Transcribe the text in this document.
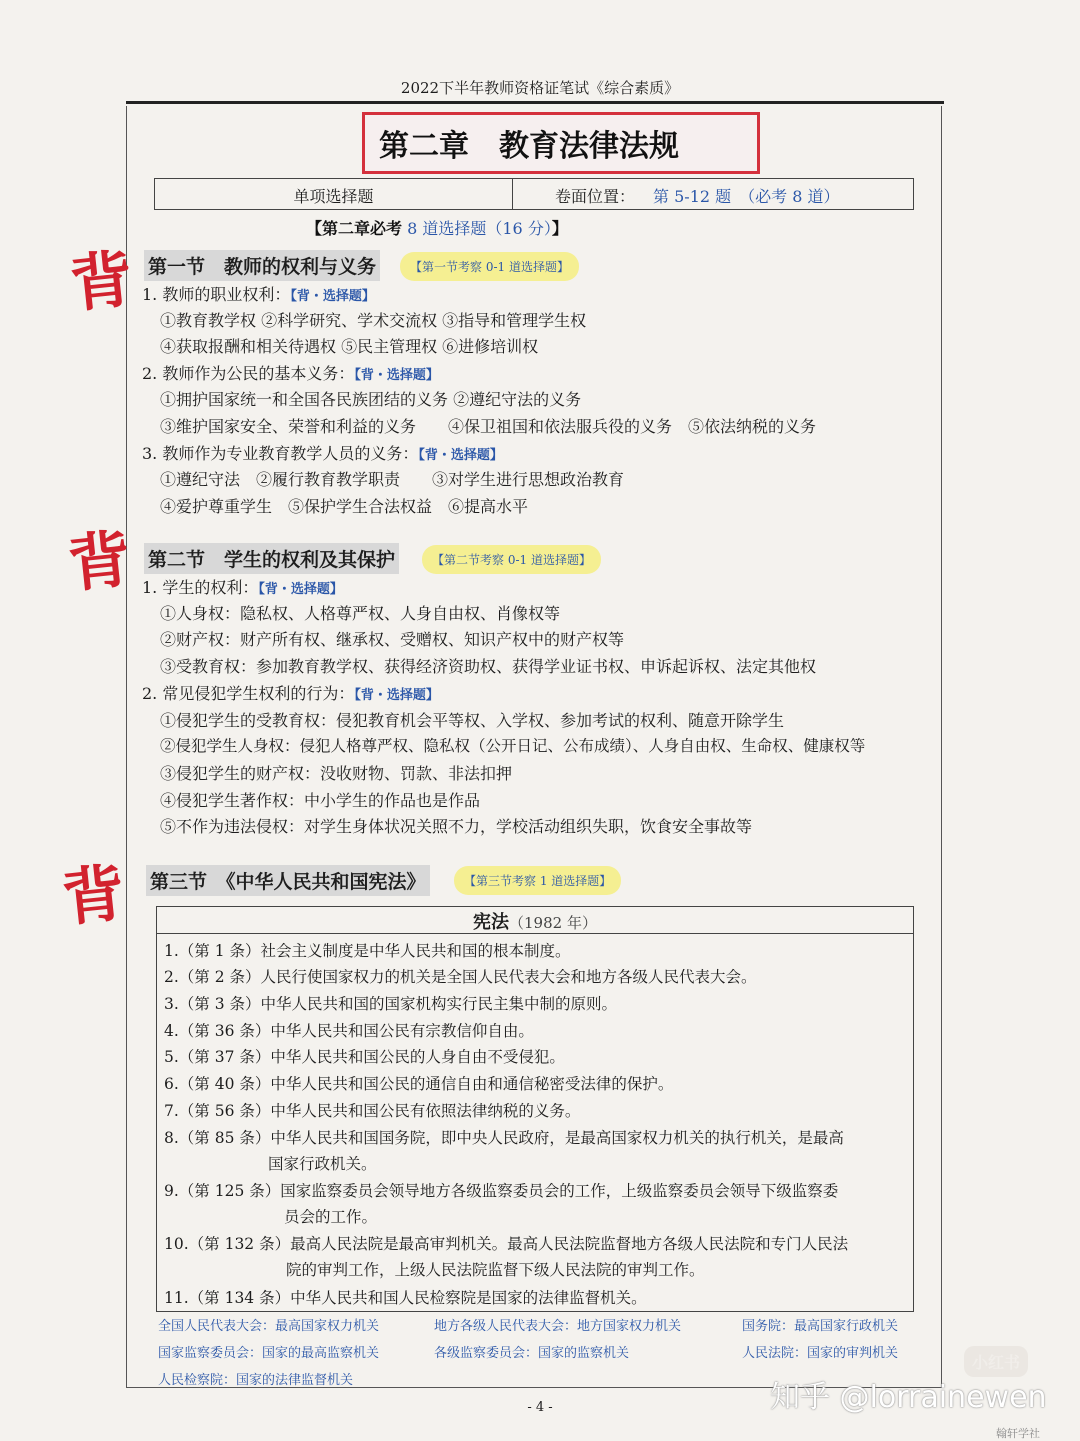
2022下半年教师资格证笔试《综合素质》
第二章　教育法律法规
单项选择题	卷面位置： 第 5-12 题　（必考 8 道）
【第二章必考 8 道选择题（16 分）】
背
背
背
第一节　教师的权利与义务	【第一节考察 0-1 道选择题】
1. 教师的职业权利：【背・选择题】
①教育教学权 ②科学研究、学术交流权 ③指导和管理学生权
④获取报酬和相关待遇权 ⑤民主管理权 ⑥进修培训权
2. 教师作为公民的基本义务：【背・选择题】
①拥护国家统一和全国各民族团结的义务 ②遵纪守法的义务
③维护国家安全、荣誉和利益的义务　　④保卫祖国和依法服兵役的义务　⑤依法纳税的义务
3. 教师作为专业教育教学人员的义务：【背・选择题】
①遵纪守法　②履行教育教学职责　　③对学生进行思想政治教育
④爱护尊重学生　⑤保护学生合法权益　⑥提高水平
第二节　学生的权利及其保护	【第二节考察 0-1 道选择题】
1. 学生的权利：【背・选择题】
①人身权：隐私权、人格尊严权、人身自由权、肖像权等
②财产权：财产所有权、继承权、受赠权、知识产权中的财产权等
③受教育权：参加教育教学权、获得经济资助权、获得学业证书权、申诉起诉权、法定其他权
2. 常见侵犯学生权利的行为：【背・选择题】
①侵犯学生的受教育权：侵犯教育机会平等权、入学权、参加考试的权利、随意开除学生
②侵犯学生人身权：侵犯人格尊严权、隐私权（公开日记、公布成绩）、人身自由权、生命权、健康权等
③侵犯学生的财产权：没收财物、罚款、非法扣押
④侵犯学生著作权：中小学生的作品也是作品
⑤不作为违法侵权：对学生身体状况关照不力，学校活动组织失职，饮食安全事故等
第三节　《中华人民共和国宪法》	【第三节考察 1 道选择题】
宪法（1982 年）
1.（第 1 条）社会主义制度是中华人民共和国的根本制度。
2.（第 2 条）人民行使国家权力的机关是全国人民代表大会和地方各级人民代表大会。
3.（第 3 条）中华人民共和国的国家机构实行民主集中制的原则。
4.（第 36 条）中华人民共和国公民有宗教信仰自由。
5.（第 37 条）中华人民共和国公民的人身自由不受侵犯。
6.（第 40 条）中华人民共和国公民的通信自由和通信秘密受法律的保护。
7.（第 56 条）中华人民共和国公民有依照法律纳税的义务。
8.（第 85 条）中华人民共和国国务院，即中央人民政府，是最高国家权力机关的执行机关，是最高
国家行政机关。
9.（第 125 条）国家监察委员会领导地方各级监察委员会的工作，上级监察委员会领导下级监察委
员会的工作。
10.（第 132 条）最高人民法院是最高审判机关。最高人民法院监督地方各级人民法院和专门人民法
院的审判工作，上级人民法院监督下级人民法院的审判工作。
11.（第 134 条）中华人民共和国人民检察院是国家的法律监督机关。
全国人民代表大会：最高国家权力机关	地方各级人民代表大会：地方国家权力机关	国务院：最高国家行政机关
国家监察委员会：国家的最高监察机关	各级监察委员会：国家的监察机关	人民法院：国家的审判机关
人民检察院：国家的法律监督机关
小红书
知乎 @lorrainewen
翰轩学社
- 4 -
